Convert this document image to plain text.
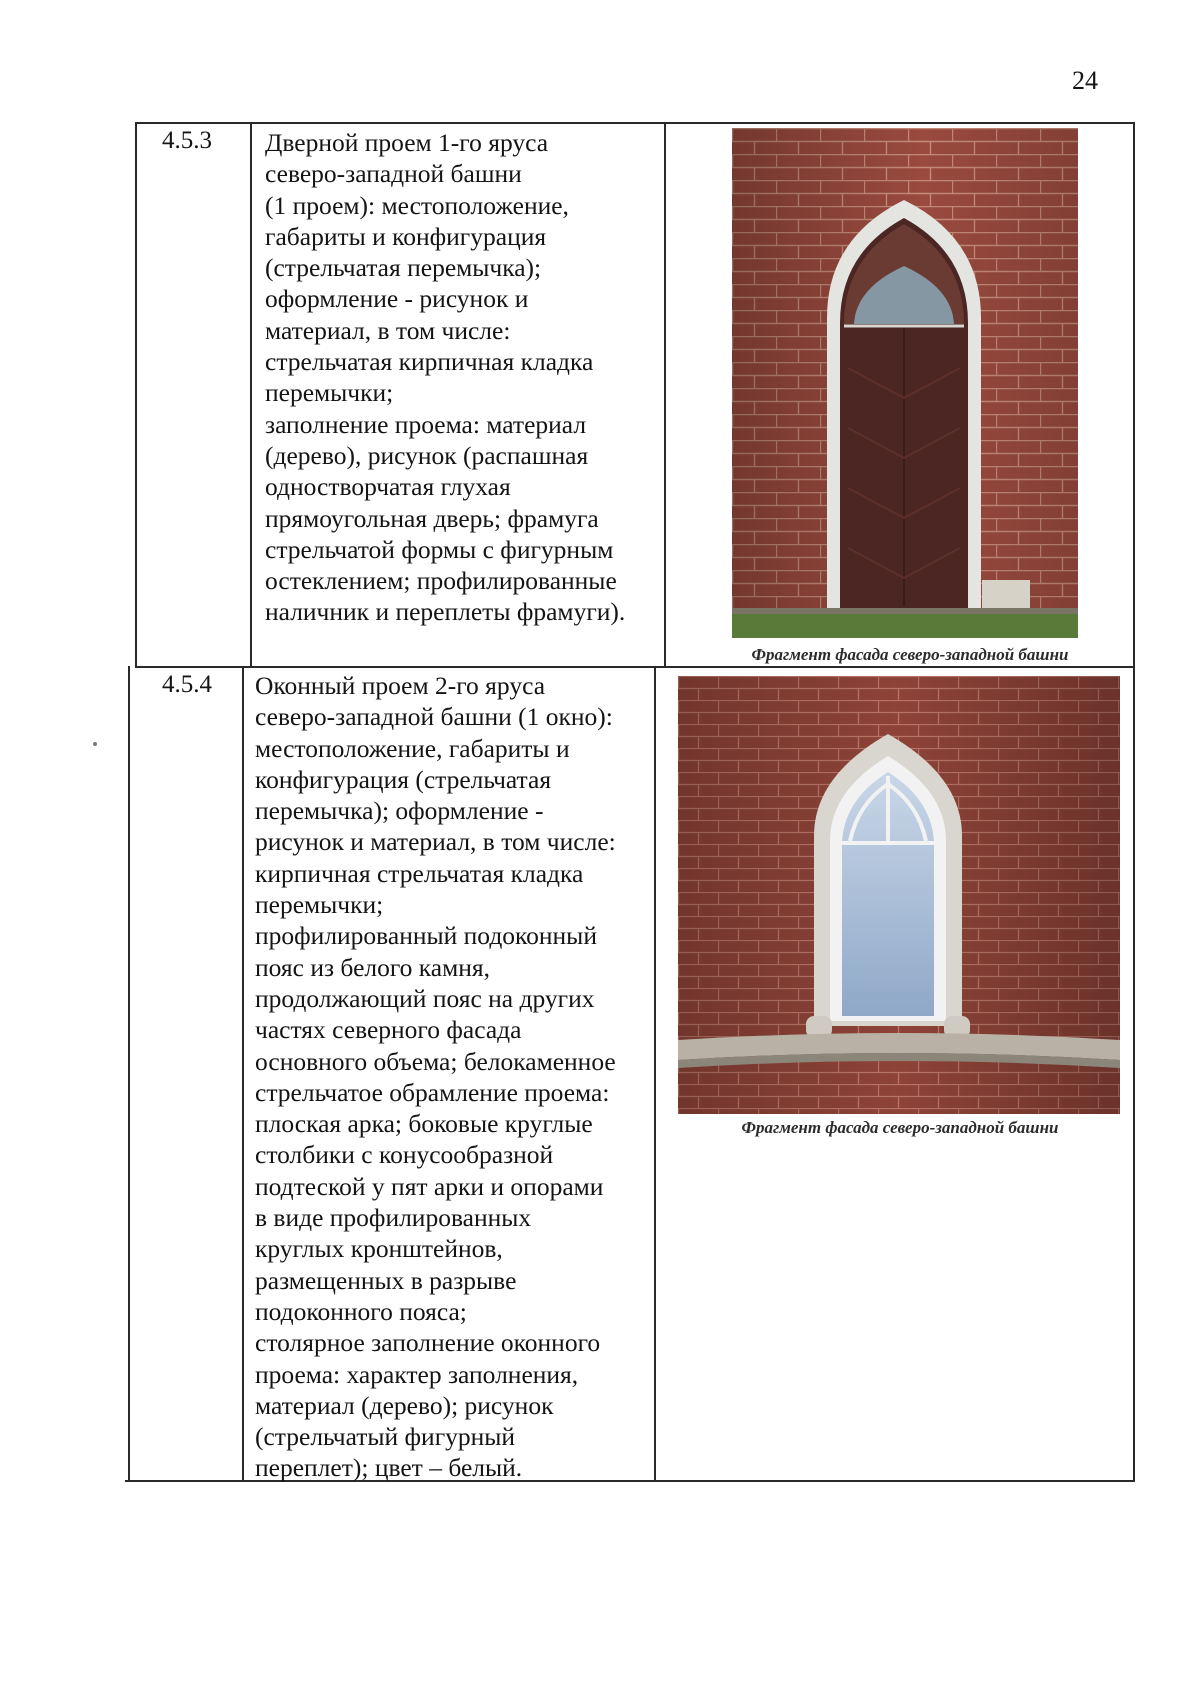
24
4.5.3 Дверной проем 1-го яруса
северо-западной башни
(1 проем): местоположение,
габариты и конфигурация
(стрельчатая перемычка);
оформление - рисунок и
материал, в том числе:
стрельчатая кирпичная кладка
перемычки;
заполнение проема: материал
(дерево), рисунок (распашная
одностворчатая глухая
прямоугольная дверь; фрамуга
стрельчатой формы с фигурным
остеклением; профилированные
наличник и переплеты фрамуги).
Фрагмент фасада северо-западной башни
4.5.4 Оконный проем 2-го яруса
северо-западной башни (1 окно):
местоположение, габариты и
конфигурация (стрельчатая
перемычка); оформление -
рисунок и материал, в том числе:
кирпичная стрельчатая кладка
перемычки;
профилированный подоконный
пояс из белого камня,
продолжающий пояс на других
частях северного фасада
основного объема; белокаменное
стрельчатое обрамление проема:
плоская арка; боковые круглые
столбики с конусообразной
подтеской у пят арки и опорами
в виде профилированных
круглых кронштейнов,
размещенных в разрыве
подоконного пояса;
столярное заполнение оконного
проема: характер заполнения,
материал (дерево); рисунок
(стрельчатый фигурный
переплет); цвет – белый.
Фрагмент фасада северо-западной башни
